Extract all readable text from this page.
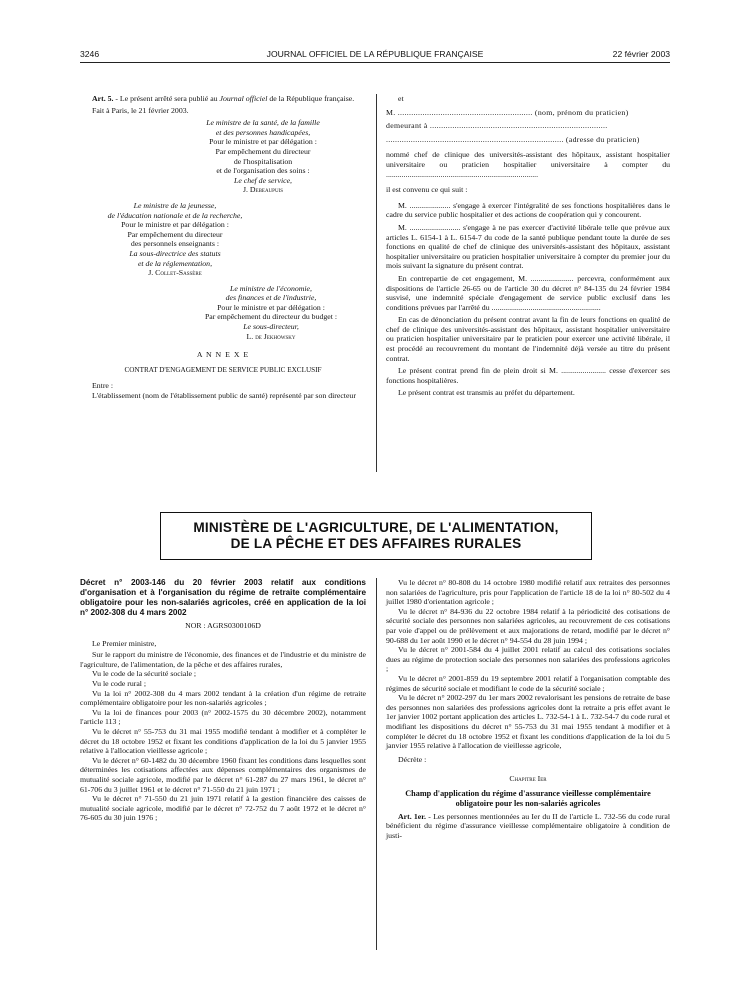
3246	JOURNAL OFFICIEL DE LA RÉPUBLIQUE FRANÇAISE	22 février 2003

Art. 5. - Le présent arrêté sera publié au Journal officiel de la République française.

Fait à Paris, le 21 février 2003.

Le ministre de la santé, de la famille

et des personnes handicapées,

Pour le ministre et par délégation :

Par empêchement du directeur

de l'hospitalisation

et de l'organisation des soins :

Le chef de service,

J. Debeaupuis

Le ministre de la jeunesse,

de l'éducation nationale et de la recherche,

Pour le ministre et par délégation :

Par empêchement du directeur

des personnels enseignants :

La sous-directrice des statuts

et de la réglementation,

J. Collet-Sassère

Le ministre de l'économie,

des finances et de l'industrie,

Pour le ministre et par délégation :

Par empêchement du directeur du budget :

Le sous-directeur,

L. de Jekhowsky

A N N E X E

CONTRAT D'ENGAGEMENT DE SERVICE PUBLIC EXCLUSIF

Entre :

L'établissement (nom de l'établissement public de santé) représenté par son directeur

et

M. ............................................................ (nom, prénom du praticien)

demeurant à ...............................................................................

............................................................................... (adresse du praticien)

nommé chef de clinique des universités-assistant des hôpitaux, assistant hospitalier universitaire ou praticien hospitalier universitaire à compter du ..............................................................................

il est convenu ce qui suit :

M. ..................... s'engage à exercer l'intégralité de ses fonctions hospitalières dans le cadre du service public hospitalier et des actions de coopération qui y concourent.

M. .......................... s'engage à ne pas exercer d'activité libérale telle que prévue aux articles L. 6154-1 à L. 6154-7 du code de la santé publique pendant toute la durée de ses fonctions en qualité de chef de clinique des universités-assistant des hôpitaux, assistant hospitalier universitaire ou praticien hospitalier universitaire à compter du premier jour du mois suivant la signature du présent contrat.

En contrepartie de cet engagement, M. ...................... percevra, conformément aux dispositions de l'article 26-65 ou de l'article 30 du décret n° 84-135 du 24 février 1984 susvisé, une indemnité spéciale d'engagement de service public exclusif dans les conditions prévues par l'arrêté du ........................................................

En cas de dénonciation du présent contrat avant la fin de leurs fonctions en qualité de chef de clinique des universités-assistant des hôpitaux, assistant hospitalier universitaire ou praticien hospitalier universitaire par le praticien pour exercer une activité libérale, il est procédé au recouvrement du montant de l'indemnité déjà versée au titre du présent contrat.

Le présent contrat prend fin de plein droit si M. ....................... cesse d'exercer ses fonctions hospitalières.

Le présent contrat est transmis au préfet du département.

MINISTÈRE DE L'AGRICULTURE, DE L'ALIMENTATION,
DE LA PÊCHE ET DES AFFAIRES RURALES

Décret n° 2003-146 du 20 février 2003 relatif aux conditions d'organisation et à l'organisation du régime de retraite complémentaire obligatoire pour les non-salariés agricoles, créé en application de la loi n° 2002-308 du 4 mars 2002

NOR : AGRS0300106D

Le Premier ministre,

Sur le rapport du ministre de l'économie, des finances et de l'industrie et du ministre de l'agriculture, de l'alimentation, de la pêche et des affaires rurales,

Vu le code de la sécurité sociale ;

Vu le code rural ;

Vu la loi n° 2002-308 du 4 mars 2002 tendant à la création d'un régime de retraite complémentaire obligatoire pour les non-salariés agricoles ;

Vu la loi de finances pour 2003 (n° 2002-1575 du 30 décembre 2002), notamment l'article 113 ;

Vu le décret n° 55-753 du 31 mai 1955 modifié tendant à modifier et à compléter le décret du 18 octobre 1952 et fixant les conditions d'application de la loi du 5 janvier 1955 relative à l'allocation vieillesse agricole ;

Vu le décret n° 60-1482 du 30 décembre 1960 fixant les conditions dans lesquelles sont déterminées les cotisations affectées aux dépenses complémentaires des organismes de mutualité sociale agricole, modifié par le décret n° 61-287 du 27 mars 1961, le décret n° 61-706 du 3 juillet 1961 et le décret n° 71-550 du 21 juin 1971 ;

Vu le décret n° 71-550 du 21 juin 1971 relatif à la gestion financière des caisses de mutualité sociale agricole, modifié par le décret n° 72-752 du 7 août 1972 et le décret n° 76-605 du 30 juin 1976 ;

Vu le décret n° 80-808 du 14 octobre 1980 modifié relatif aux retraites des personnes non salariées de l'agriculture, pris pour l'application de l'article 18 de la loi n° 80-502 du 4 juillet 1980 d'orientation agricole ;

Vu le décret n° 84-936 du 22 octobre 1984 relatif à la périodicité des cotisations de sécurité sociale des personnes non salariées agricoles, au recouvrement de ces cotisations par voie d'appel ou de prélèvement et aux majorations de retard, modifié par le décret n° 90-688 du 1er août 1990 et le décret n° 94-554 du 28 juin 1994 ;

Vu le décret n° 2001-584 du 4 juillet 2001 relatif au calcul des cotisations sociales dues au régime de protection sociale des personnes non salariées des professions agricoles ;

Vu le décret n° 2001-859 du 19 septembre 2001 relatif à l'organisation comptable des régimes de sécurité sociale et modifiant le code de la sécurité sociale ;

Vu le décret n° 2002-297 du 1er mars 2002 revalorisant les pensions de retraite de base des personnes non salariées des professions agricoles dont la retraite a pris effet avant le 1er janvier 1002 portant application des articles L. 732-54-1 à L. 732-54-7 du code rural et modifiant les dispositions du décret n° 55-753 du 31 mai 1955 tendant à modifier et à compléter le décret du 18 octobre 1952 et fixant les conditions d'application de la loi du 5 janvier 1955 relative à l'allocation de vieillesse agricole,

Décrète :

Chapitre Ier

Champ d'application du régime d'assurance vieillesse complémentaire obligatoire pour les non-salariés agricoles

Art. 1er. - Les personnes mentionnées au Ier du II de l'article L. 732-56 du code rural bénéficient du régime d'assurance vieillesse complémentaire obligatoire à condition de justi-
